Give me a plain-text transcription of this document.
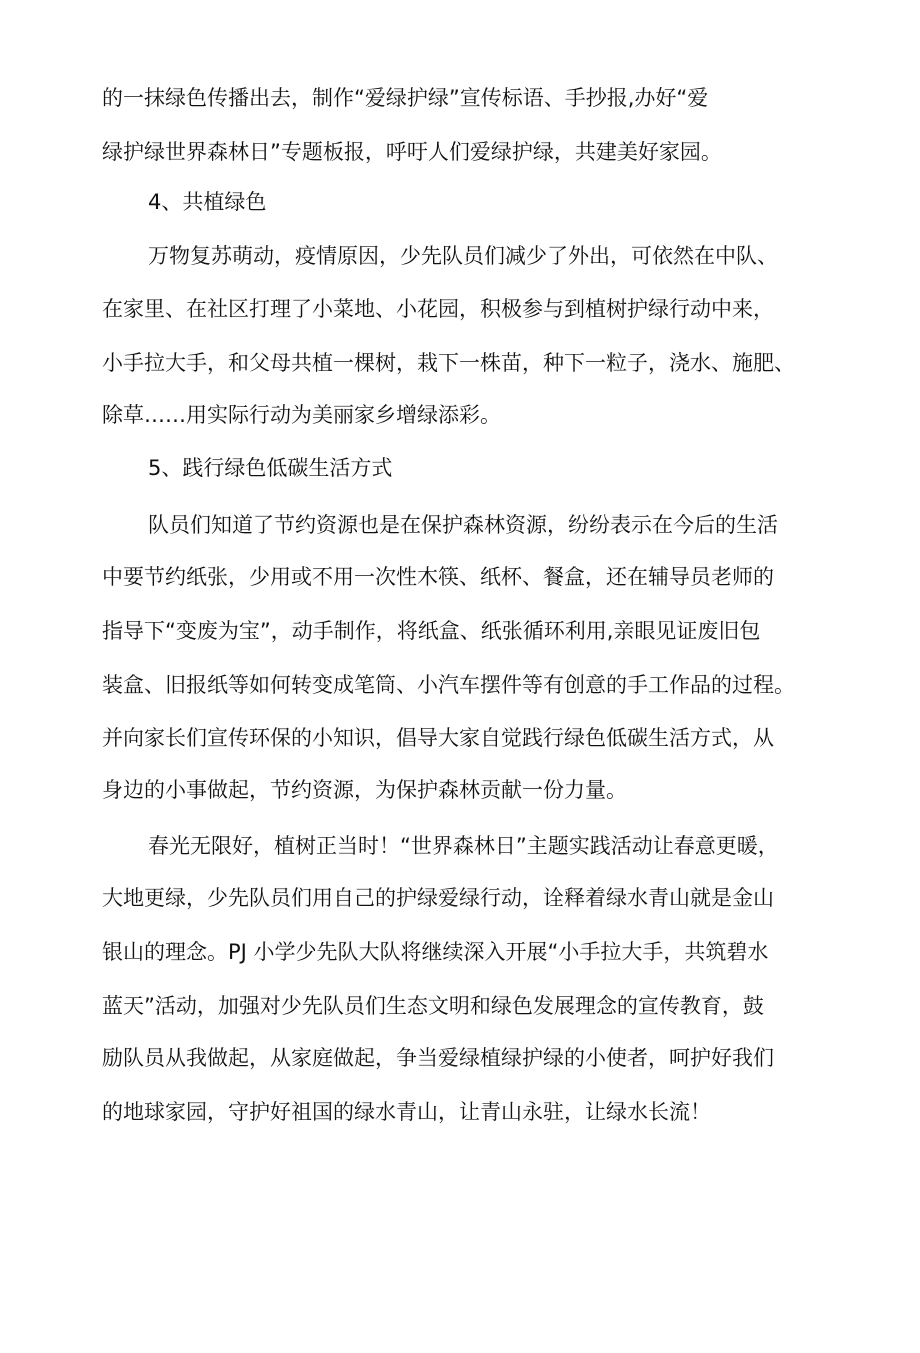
的一抹绿色传播出去，制作“爱绿护绿”宣传标语、手抄报,办好“爱

绿护绿世界森林日”专题板报，呼吁人们爱绿护绿，共建美好家园。

4、共植绿色

万物复苏萌动，疫情原因，少先队员们减少了外出，可依然在中队、

在家里、在社区打理了小菜地、小花园，积极参与到植树护绿行动中来，

小手拉大手，和父母共植一棵树，栽下一株苗，种下一粒子，浇水、施肥、

除草……用实际行动为美丽家乡增绿添彩。

5、践行绿色低碳生活方式

队员们知道了节约资源也是在保护森林资源，纷纷表示在今后的生活

中要节约纸张，少用或不用一次性木筷、纸杯、餐盒，还在辅导员老师的

指导下“变废为宝”，动手制作，将纸盒、纸张循环利用,亲眼见证废旧包

装盒、旧报纸等如何转变成笔筒、小汽车摆件等有创意的手工作品的过程。

并向家长们宣传环保的小知识，倡导大家自觉践行绿色低碳生活方式，从

身边的小事做起，节约资源，为保护森林贡献一份力量。

春光无限好，植树正当时！“世界森林日”主题实践活动让春意更暖，

大地更绿，少先队员们用自己的护绿爱绿行动，诠释着绿水青山就是金山

银山的理念。PJ 小学少先队大队将继续深入开展“小手拉大手，共筑碧水

蓝天”活动，加强对少先队员们生态文明和绿色发展理念的宣传教育，鼓

励队员从我做起，从家庭做起，争当爱绿植绿护绿的小使者，呵护好我们

的地球家园，守护好祖国的绿水青山，让青山永驻，让绿水长流！
